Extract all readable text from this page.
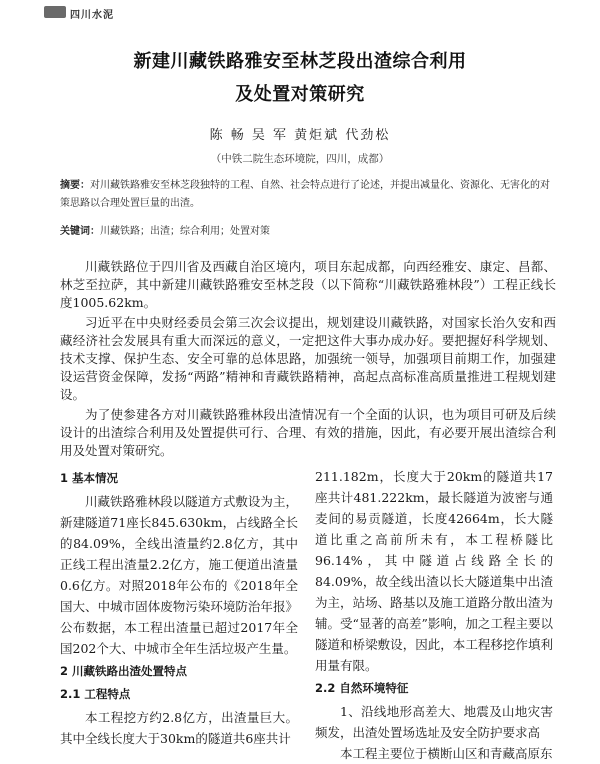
四川水泥
新建川藏铁路雅安至林芝段出渣综合利用
及处置对策研究
陈 畅 吴 军 黄炬斌 代劲松
（中铁二院生态环境院，四川，成都）
摘要：对川藏铁路雅安至林芝段独特的工程、自然、社会特点进行了论述，并提出减量化、资源化、无害化的对策思路以合理处置巨量的出渣。
关键词：川藏铁路；出渣；综合利用；处置对策

川藏铁路位于四川省及西藏自治区境内，项目东起成都，向西经雅安、康定、昌都、林芝至拉萨，其中新建川藏铁路雅安至林芝段（以下简称“川藏铁路雅林段”）工程正线长度1005.62km。

习近平在中央财经委员会第三次会议提出，规划建设川藏铁路，对国家长治久安和西藏经济社会发展具有重大而深远的意义，一定把这件大事办成办好。要把握好科学规划、技术支撑、保护生态、安全可靠的总体思路，加强统一领导，加强项目前期工作，加强建设运营资金保障，发扬“两路”精神和青藏铁路精神，高起点高标准高质量推进工程规划建设。

为了使参建各方对川藏铁路雅林段出渣情况有一个全面的认识，也为项目可研及后续设计的出渣综合利用及处置提供可行、合理、有效的措施，因此，有必要开展出渣综合利用及处置对策研究。

1 基本情况

川藏铁路雅林段以隧道方式敷设为主，新建隧道71座长845.630km，占线路全长的84.09%，全线出渣量约2.8亿方，其中正线工程出渣量2.2亿方，施工便道出渣量0.6亿方。对照2018年公布的《2018年全国大、中城市固体废物污染环境防治年报》公布数据，本工程出渣量已超过2017年全国202个大、中城市全年生活垃圾产生量。

2 川藏铁路出渣处置特点
2.1 工程特点

本工程挖方约2.8亿方，出渣量巨大。其中全线长度大于30km的隧道共6座共计

211.182m，长度大于20km的隧道共17座共计481.222km，最长隧道为波密与通麦间的易贡隧道，长度42664m，长大隧道比重之高前所未有，本工程桥隧比96.14%，其中隧道占线路全长的84.09%，故全线出渣以长大隧道集中出渣为主，站场、路基以及施工道路分散出渣为辅。受“显著的高差”影响，加之工程主要以隧道和桥梁敷设，因此，本工程移挖作填利用量有限。

2.2 自然环境特征

1、沿线地形高差大、地震及山地灾害频发，出渣处置场选址及安全防护要求高

本工程主要位于横断山区和青藏高原东
